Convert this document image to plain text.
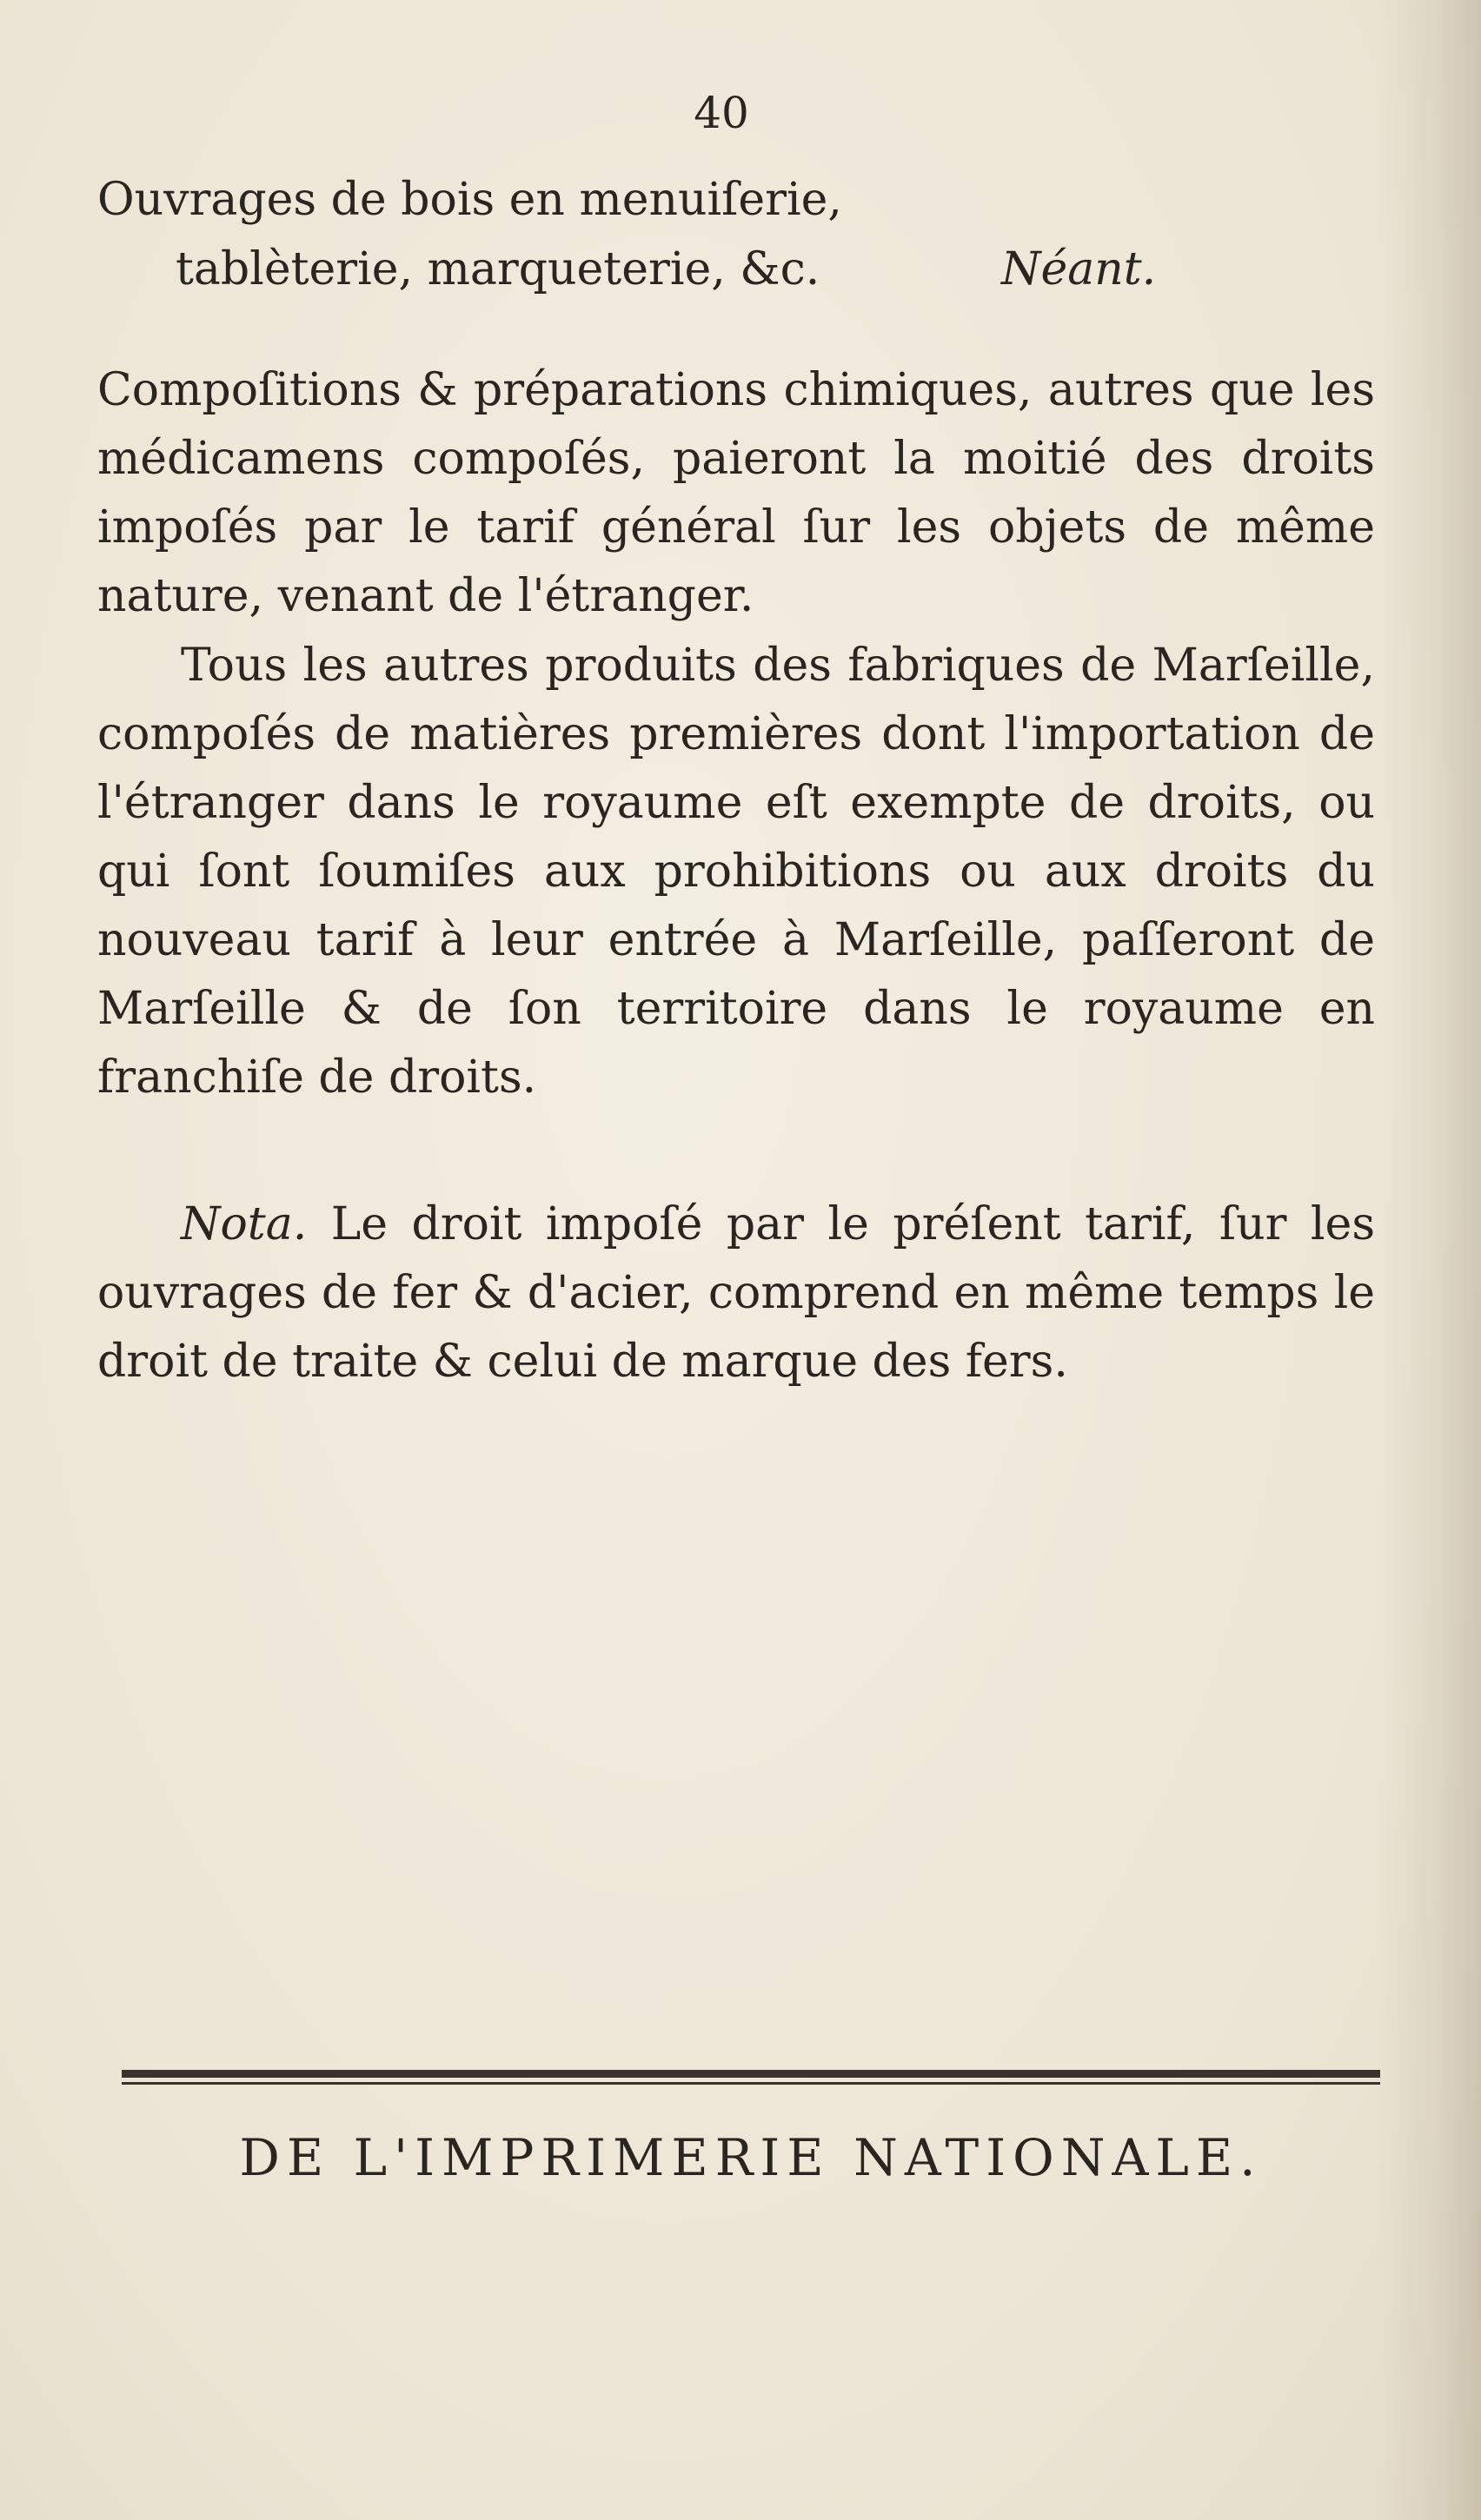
40
Ouvrages de bois en menuiſerie,
tablèterie, marqueterie, &c.	Néant.

Compoſitions & préparations chimiques, autres que les médicamens compoſés, paieront la moitié des droits impoſés par le tarif général ſur les objets de même nature, venant de l'étranger.

Tous les autres produits des fabriques de Marſeille, compoſés de matières premières dont l'importation de l'étranger dans le royaume eſt exempte de droits, ou qui ſont ſoumiſes aux prohibitions ou aux droits du nouveau tarif à leur entrée à Marſeille, paſſeront de Marſeille & de ſon territoire dans le royaume en franchiſe de droits.

Nota. Le droit impoſé par le préſent tarif, ſur les ouvrages de fer & d'acier, comprend en même temps le droit de traite & celui de marque des fers.

DE L'IMPRIMERIE NATIONALE.
